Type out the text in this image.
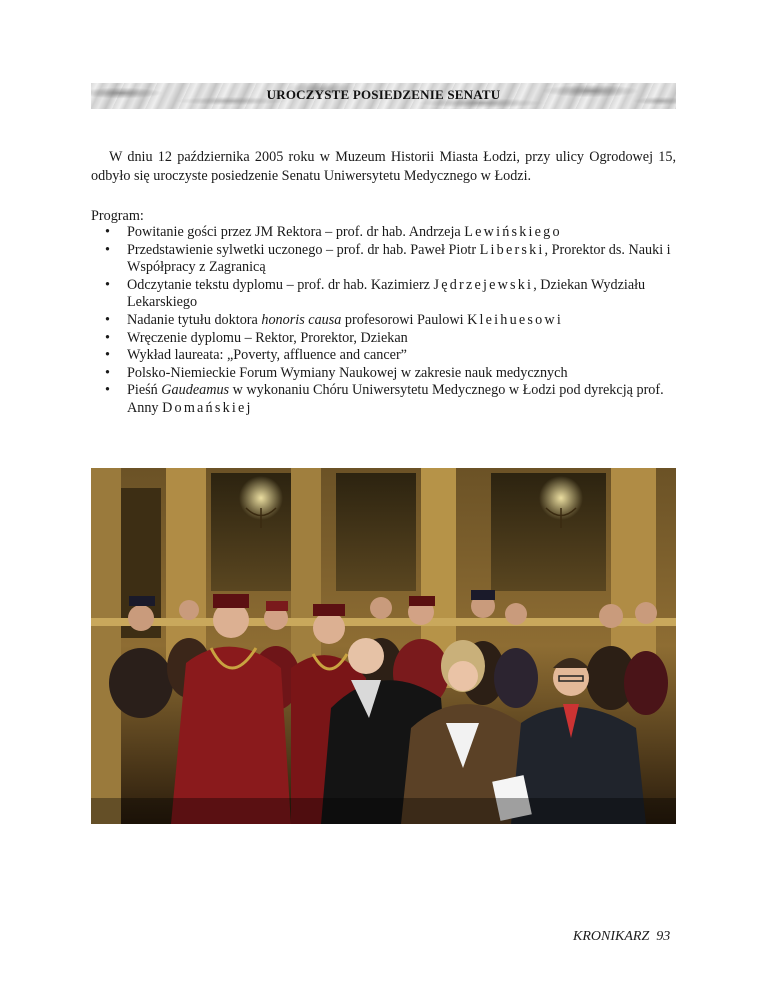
UROCZYSTE POSIEDZENIE SENATU

W dniu 12 października 2005 roku w Muzeum Historii Miasta Łodzi, przy ulicy Ogrodowej 15, odbyło się uroczyste posiedzenie Senatu Uniwersytetu Medycznego w Łodzi.

Program:
• Powitanie gości przez JM Rektora – prof. dr hab. Andrzeja Lewińskiego
• Przedstawienie sylwetki uczonego – prof. dr hab. Paweł Piotr Liberski, Prorektor ds. Nauki i Współpracy z Zagranicą
• Odczytanie tekstu dyplomu – prof. dr hab. Kazimierz Jędrzejewski, Dziekan Wydziału Lekarskiego
• Nadanie tytułu doktora honoris causa profesorowi Paulowi Kleihuesowi
• Wręczenie dyplomu – Rektor, Prorektor, Dziekan
• Wykład laureata: „Poverty, affluence and cancer”
• Polsko-Niemieckie Forum Wymiany Naukowej w zakresie nauk medycznych
• Pieśń Gaudeamus w wykonaniu Chóru Uniwersytetu Medycznego w Łodzi pod dyrekcją prof. Anny Domańskiej
KRONIKARZ 93
